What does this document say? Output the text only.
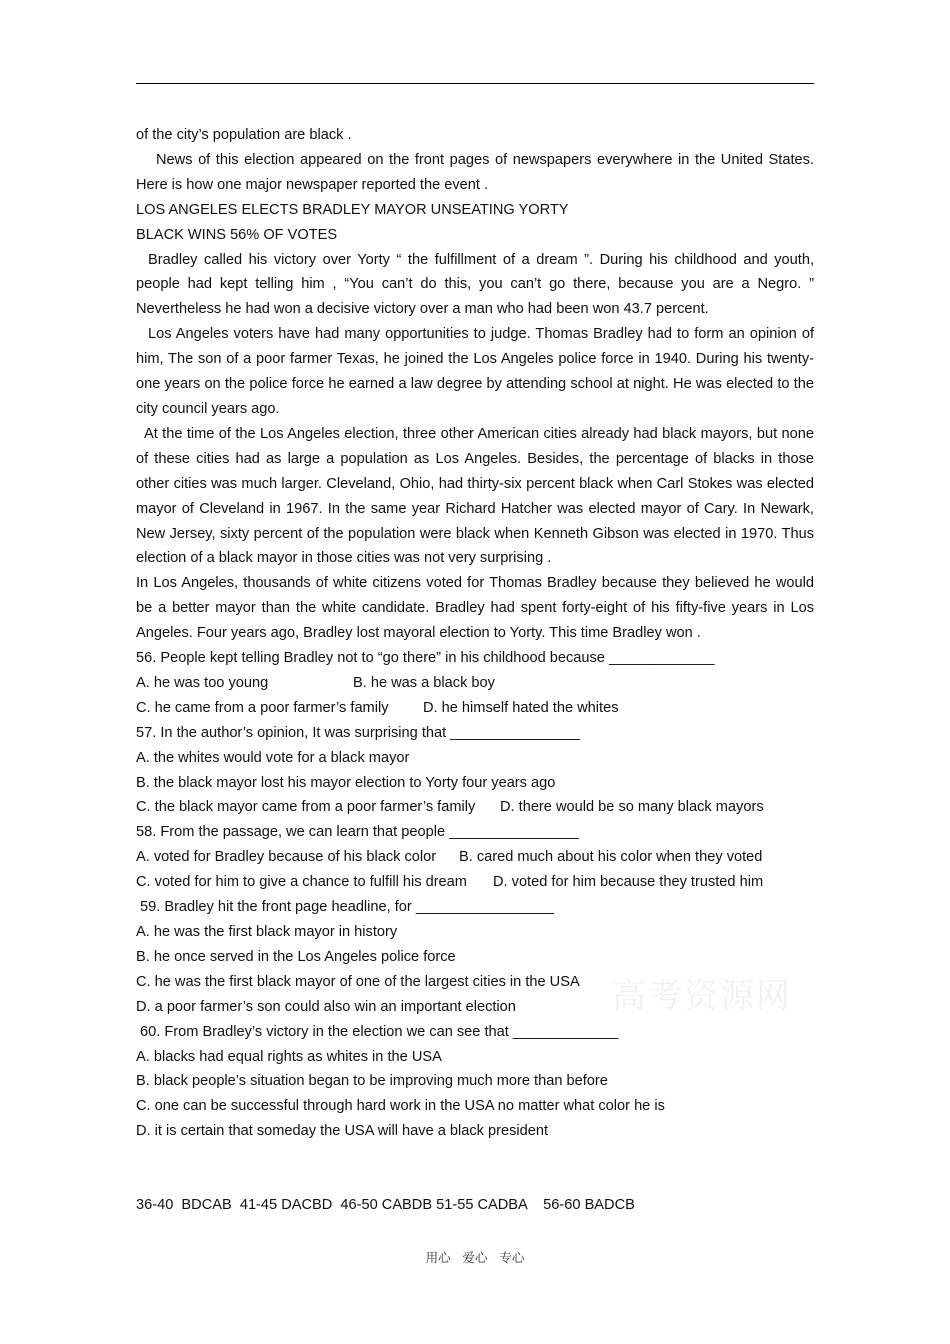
of the city’s population are black .

News of this election appeared on the front pages of newspapers everywhere in the United States. Here is how one major newspaper reported the event .

LOS ANGELES ELECTS BRADLEY MAYOR UNSEATING YORTY

BLACK WINS 56% OF VOTES

Bradley called his victory over Yorty “ the fulfillment of a dream ”. During his childhood and youth, people had kept telling him , “You can’t do this, you can’t go there, because you are a Negro. ” Nevertheless he had won a decisive victory over a man who had been won 43.7 percent.

Los Angeles voters have had many opportunities to judge. Thomas Bradley had to form an opinion of him, The son of a poor farmer Texas, he joined the Los Angeles police force in 1940. During his twenty-one years on the police force he earned a law degree by attending school at night. He was elected to the city council years ago.

At the time of the Los Angeles election, three other American cities already had black mayors, but none of these cities had as large a population as Los Angeles. Besides, the percentage of blacks in those other cities was much larger. Cleveland, Ohio, had thirty-six percent black when Carl Stokes was elected mayor of Cleveland in 1967. In the same year Richard Hatcher was elected mayor of Cary. In Newark, New Jersey, sixty percent of the population were black when Kenneth Gibson was elected in 1970. Thus election of a black mayor in those cities was not very surprising .

In Los Angeles, thousands of white citizens voted for Thomas Bradley because they believed he would be a better mayor than the white candidate. Bradley had spent forty-eight of his fifty-five years in Los Angeles. Four years ago, Bradley lost mayoral election to Yorty. This time Bradley won .

56. People kept telling Bradley not to “go there” in his childhood because _____________

A. he was too young	B. he was a black boy

C. he came from a poor farmer’s family D. he himself hated the whites

57. In the author’s opinion, It was surprising that ________________

A. the whites would vote for a black mayor

B. the black mayor lost his mayor election to Yorty four years ago

C. the black mayor came from a poor farmer’s family D. there would be so many black mayors

58. From the passage, we can learn that people ________________

A. voted for Bradley because of his black color B. cared much about his color when they voted

C. voted for him to give a chance to fulfill his dream D. voted for him because they trusted him

59. Bradley hit the front page headline, for _________________

A. he was the first black mayor in history

B. he once served in the Los Angeles police force

C. he was the first black mayor of one of the largest cities in the USA

D. a poor farmer’s son could also win an important election

60. From Bradley’s victory in the election we can see that _____________

A. blacks had equal rights as whites in the USA

B. black people’s situation began to be improving much more than before

C. one can be successful through hard work in the USA no matter what color he is

D. it is certain that someday the USA will have a black president

高考资源网
36-40  BDCAB  41-45 DACBD  46-50 CABDB 51-55 CADBA    56-60 BADCB
用心   爱心   专心
